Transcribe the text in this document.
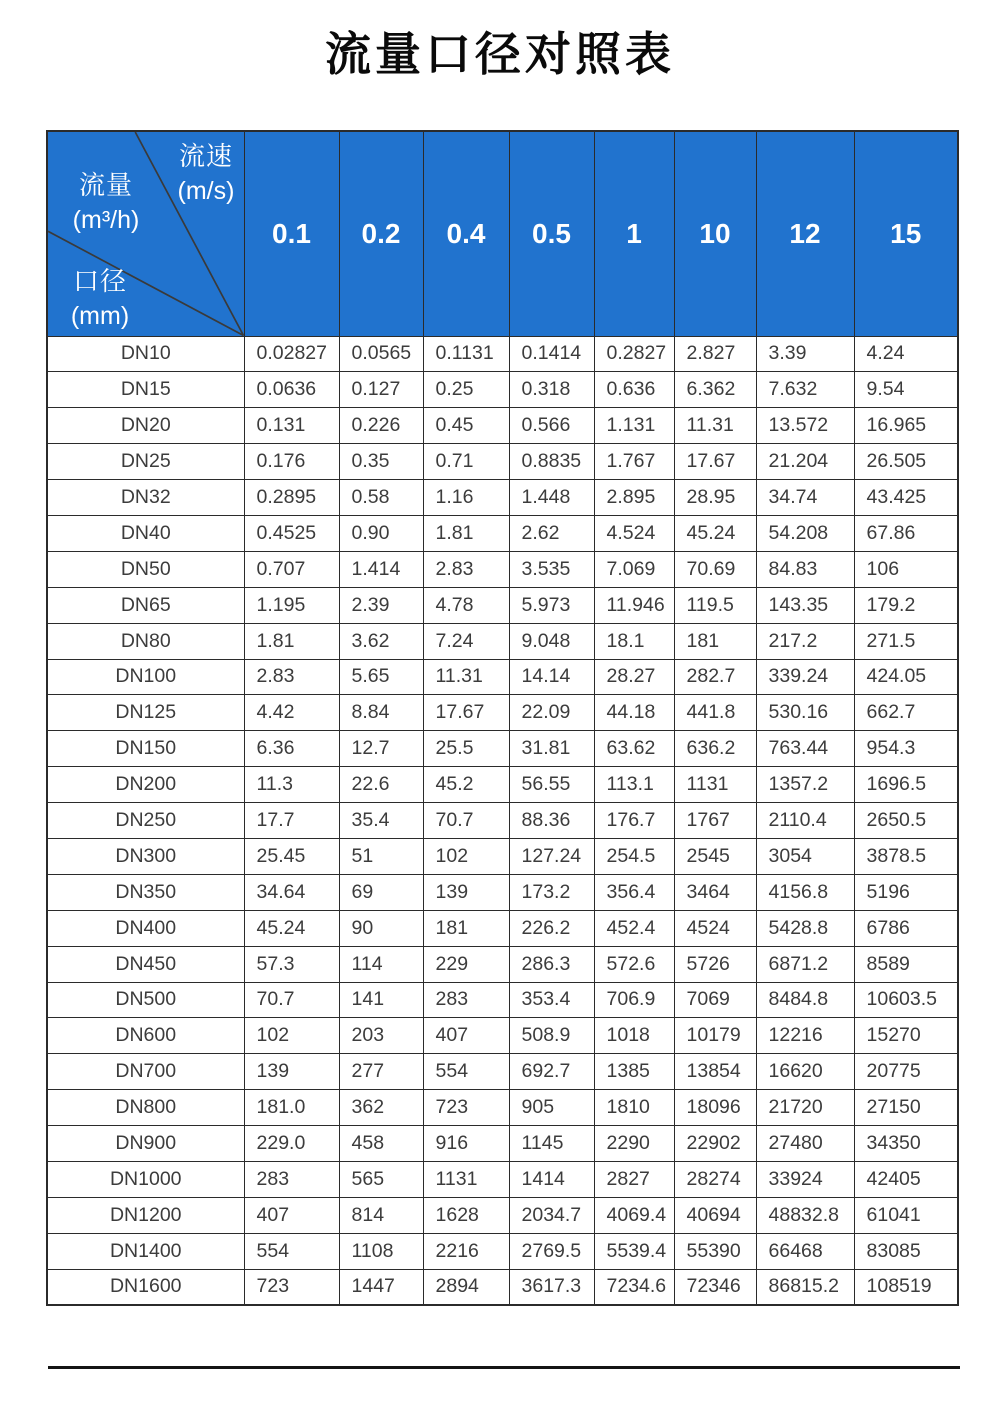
流量口径对照表
流速
(m/s)
流量
(m³/h)
口径
(mm)
	0.1	0.2	0.4	0.5	1	10	12	15
DN10	0.02827	0.0565	0.1131	0.1414	0.2827	2.827	3.39	4.24
DN15	0.0636	0.127	0.25	0.318	0.636	6.362	7.632	9.54
DN20	0.131	0.226	0.45	0.566	1.131	11.31	13.572	16.965
DN25	0.176	0.35	0.71	0.8835	1.767	17.67	21.204	26.505
DN32	0.2895	0.58	1.16	1.448	2.895	28.95	34.74	43.425
DN40	0.4525	0.90	1.81	2.62	4.524	45.24	54.208	67.86
DN50	0.707	1.414	2.83	3.535	7.069	70.69	84.83	106
DN65	1.195	2.39	4.78	5.973	11.946	119.5	143.35	179.2
DN80	1.81	3.62	7.24	9.048	18.1	181	217.2	271.5
DN100	2.83	5.65	11.31	14.14	28.27	282.7	339.24	424.05
DN125	4.42	8.84	17.67	22.09	44.18	441.8	530.16	662.7
DN150	6.36	12.7	25.5	31.81	63.62	636.2	763.44	954.3
DN200	11.3	22.6	45.2	56.55	113.1	1131	1357.2	1696.5
DN250	17.7	35.4	70.7	88.36	176.7	1767	2110.4	2650.5
DN300	25.45	51	102	127.24	254.5	2545	3054	3878.5
DN350	34.64	69	139	173.2	356.4	3464	4156.8	5196
DN400	45.24	90	181	226.2	452.4	4524	5428.8	6786
DN450	57.3	114	229	286.3	572.6	5726	6871.2	8589
DN500	70.7	141	283	353.4	706.9	7069	8484.8	10603.5
DN600	102	203	407	508.9	1018	10179	12216	15270
DN700	139	277	554	692.7	1385	13854	16620	20775
DN800	181.0	362	723	905	1810	18096	21720	27150
DN900	229.0	458	916	1145	2290	22902	27480	34350
DN1000	283	565	1131	1414	2827	28274	33924	42405
DN1200	407	814	1628	2034.7	4069.4	40694	48832.8	61041
DN1400	554	1108	2216	2769.5	5539.4	55390	66468	83085
DN1600	723	1447	2894	3617.3	7234.6	72346	86815.2	108519
